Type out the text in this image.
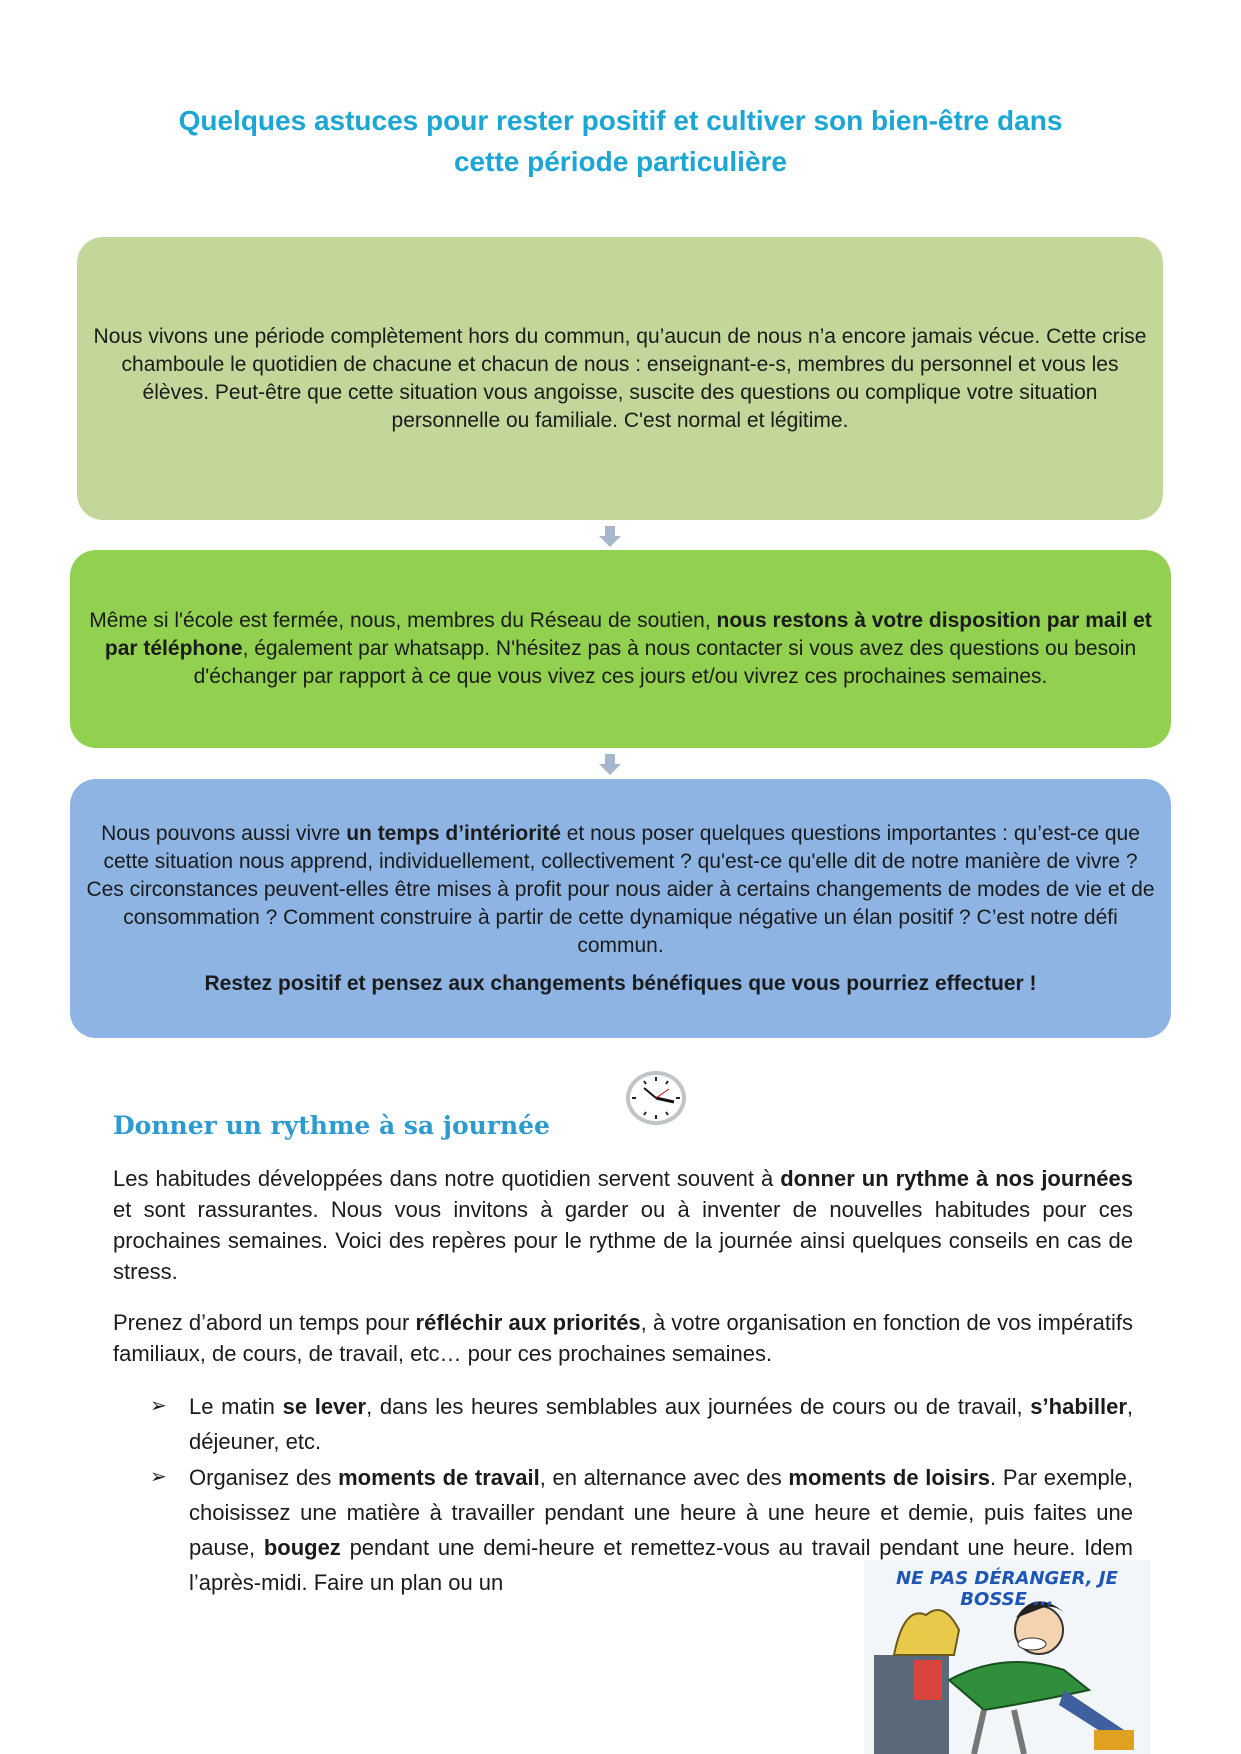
Quelques astuces pour rester positif et cultiver son bien-être dans
cette période particulière

Nous vivons une période complètement hors du commun, qu’aucun de nous n’a encore jamais vécue. Cette crise chamboule le quotidien de chacune et chacun de nous : enseignant-e-s, membres du personnel et vous les élèves. Peut-être que cette situation vous angoisse, suscite des questions ou complique votre situation personnelle ou familiale. C'est normal et légitime.

Même si l'école est fermée, nous, membres du Réseau de soutien, nous restons à votre disposition par mail et par téléphone, également par whatsapp. N'hésitez pas à nous contacter si vous avez des questions ou besoin d'échanger par rapport à ce que vous vivez ces jours et/ou vivrez ces prochaines semaines.

Nous pouvons aussi vivre un temps d’intériorité et nous poser quelques questions importantes : qu’est-ce que cette situation nous apprend, individuellement, collectivement ? qu'est-ce qu'elle dit de notre manière de vivre ?Ces circonstances peuvent-elles être mises à profit pour nous aider à certains changements de modes de vie et de consommation ? Comment construire à partir de cette dynamique négative un élan positif ? C’est notre défi commun.

Restez positif et pensez aux changements bénéfiques que vous pourriez effectuer !

Donner un rythme à sa journée

Les habitudes développées dans notre quotidien servent souvent à donner un rythme à nos journées et sont rassurantes. Nous vous invitons à garder ou à inventer de nouvelles habitudes pour ces prochaines semaines. Voici des repères pour le rythme de la journée ainsi quelques conseils en cas de stress.

Prenez d’abord un temps pour réfléchir aux priorités, à votre organisation en fonction de vos impératifs familiaux, de cours, de travail, etc… pour ces prochaines semaines.

➢ Le matin se lever, dans les heures semblables aux journées de cours ou de travail, s’habiller, déjeuner, etc.
➢ Organisez des moments de travail, en alternance avec des moments de loisirs. Par exemple, choisissez une matière à travailler pendant une heure à une heure et demie, puis faites une pause, bougez pendant une demi-heure et remettez-vous au travail pendant une heure. Idem l’après-midi. Faire un plan ou un	NE PAS DÉRANGER, JE BOSSE ...
